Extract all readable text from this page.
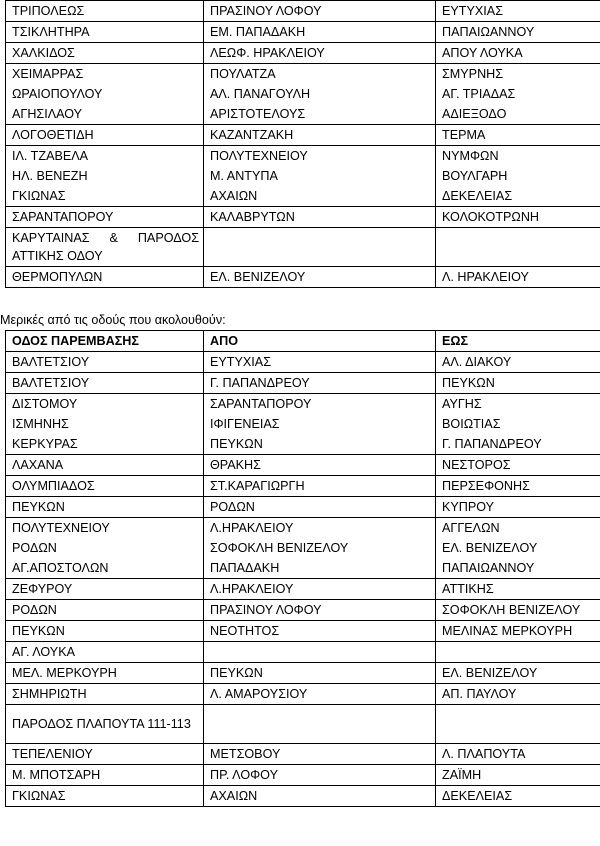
ΤΡΙΠΟΛΕΩΣ	ΠΡΑΣΙΝΟΥ ΛΟΦΟΥ	ΕΥΤΥΧΙΑΣ
ΤΣΙΚΛΗΤΗΡΑ	ΕΜ. ΠΑΠΑΔΑΚΗ	ΠΑΠΑΙΩΑΝΝΟΥ
ΧΑΛΚΙΔΟΣ	ΛΕΩΦ. ΗΡΑΚΛΕΙΟΥ	ΑΠΟΥ ΛΟΥΚΑ
ΧΕΙΜΑΡΡΑΣ	ΠΟΥΛΑΤΖΑ	ΣΜΥΡΝΗΣ
ΩΡΑΙΟΠΟΥΛΟΥ	ΑΛ. ΠΑΝΑΓΟΥΛΗ	ΑΓ. ΤΡΙΑΔΑΣ
ΑΓΗΣΙΛΑΟΥ	ΑΡΙΣΤΟΤΕΛΟΥΣ	ΑΔΙΕΞΟΔΟ
ΛΟΓΟΘΕΤΙΔΗ	ΚΑΖΑΝΤΖΑΚΗ	ΤΕΡΜΑ
ΙΛ. ΤΖΑΒΕΛΑ	ΠΟΛΥΤΕΧΝΕΙΟΥ	ΝΥΜΦΩΝ
ΗΛ. ΒΕΝΕΖΗ	Μ. ΑΝΤΥΠΑ	ΒΟΥΛΓΑΡΗ
ΓΚΙΩΝΑΣ	ΑΧΑΙΩΝ	ΔΕΚΕΛΕΙΑΣ
ΣΑΡΑΝΤΑΠΟΡΟΥ	ΚΑΛΑΒΡΥΤΩΝ	ΚΟΛΟΚΟΤΡΩΝΗ
ΚΑΡΥΤΑΙΝΑΣ & ΠΑΡΟΔΟΣ ΑΤΤΙΚΗΣ ΟΔΟΥ		
ΘΕΡΜΟΠΥΛΩΝ	ΕΛ. ΒΕΝΙΖΕΛΟΥ	Λ. ΗΡΑΚΛΕΙΟΥ
Μερικές από τις οδούς που ακολουθούν:
ΟΔΟΣ ΠΑΡΕΜΒΑΣΗΣ	ΑΠΟ	ΕΩΣ
ΒΑΛΤΕΤΣΙΟΥ	ΕΥΤΥΧΙΑΣ	ΑΛ. ΔΙΑΚΟΥ
ΒΑΛΤΕΤΣΙΟΥ	Γ. ΠΑΠΑΝΔΡΕΟΥ	ΠΕΥΚΩΝ
ΔΙΣΤΟΜΟΥ	ΣΑΡΑΝΤΑΠΟΡΟΥ	ΑΥΓΗΣ
ΙΣΜΗΝΗΣ	ΙΦΙΓΕΝΕΙΑΣ	ΒΟΙΩΤΙΑΣ
ΚΕΡΚΥΡΑΣ	ΠΕΥΚΩΝ	Γ. ΠΑΠΑΝΔΡΕΟΥ
ΛΑΧΑΝΑ	ΘΡΑΚΗΣ	ΝΕΣΤΟΡΟΣ
ΟΛΥΜΠΙΑΔΟΣ	ΣΤ.ΚΑΡΑΓΙΩΡΓΗ	ΠΕΡΣΕΦΟΝΗΣ
ΠΕΥΚΩΝ	ΡΟΔΩΝ	ΚΥΠΡΟΥ
ΠΟΛΥΤΕΧΝΕΙΟΥ	Λ.ΗΡΑΚΛΕΙΟΥ	ΑΓΓΕΛΩΝ
ΡΟΔΩΝ	ΣΟΦΟΚΛΗ ΒΕΝΙΖΕΛΟΥ	ΕΛ. ΒΕΝΙΖΕΛΟΥ
ΑΓ.ΑΠΟΣΤΟΛΩΝ	ΠΑΠΑΔΑΚΗ	ΠΑΠΑΙΩΑΝΝΟΥ
ΖΕΦΥΡΟΥ	Λ.ΗΡΑΚΛΕΙΟΥ	ΑΤΤΙΚΗΣ
ΡΟΔΩΝ	ΠΡΑΣΙΝΟΥ ΛΟΦΟΥ	ΣΟΦΟΚΛΗ ΒΕΝΙΖΕΛΟΥ
ΠΕΥΚΩΝ	ΝΕΟΤΗΤΟΣ	ΜΕΛΙΝΑΣ ΜΕΡΚΟΥΡΗ
ΑΓ. ΛΟΥΚΑ		
ΜΕΛ. ΜΕΡΚΟΥΡΗ	ΠΕΥΚΩΝ	ΕΛ. ΒΕΝΙΖΕΛΟΥ
ΣΗΜΗΡΙΩΤΗ	Λ. ΑΜΑΡΟΥΣΙΟΥ	ΑΠ. ΠΑΥΛΟΥ
ΠΑΡΟΔΟΣ ΠΛΑΠΟΥΤΑ 111-113		
ΤΕΠΕΛΕΝΙΟΥ	ΜΕΤΣΟΒΟΥ	Λ. ΠΛΑΠΟΥΤΑ
Μ. ΜΠΟΤΣΑΡΗ	ΠΡ. ΛΟΦΟΥ	ΖΑΪΜΗ
ΓΚΙΩΝΑΣ	ΑΧΑΙΩΝ	ΔΕΚΕΛΕΙΑΣ
